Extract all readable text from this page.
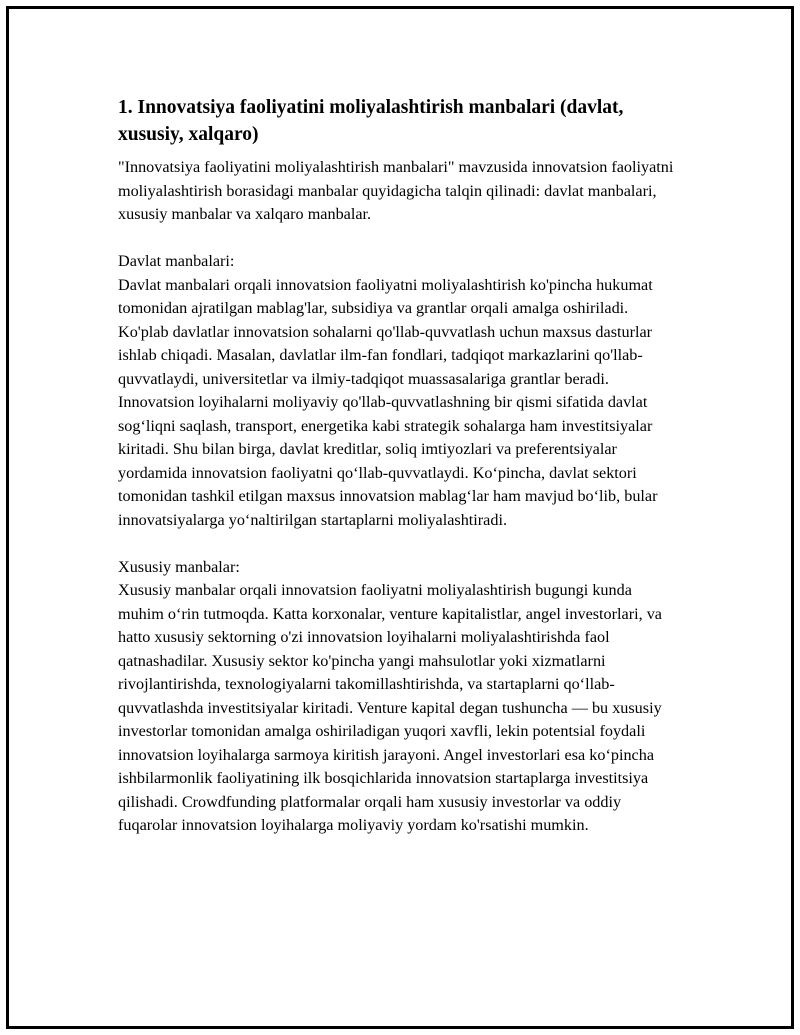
1. Innovatsiya faoliyatini moliyalashtirish manbalari (davlat, xususiy, xalqaro)

"Innovatsiya faoliyatini moliyalashtirish manbalari" mavzusida innovatsion faoliyatni moliyalashtirish borasidagi manbalar quyidagicha talqin qilinadi: davlat manbalari, xususiy manbalar va xalqaro manbalar.

Davlat manbalari:

Davlat manbalari orqali innovatsion faoliyatni moliyalashtirish ko'pincha hukumat tomonidan ajratilgan mablag'lar, subsidiya va grantlar orqali amalga oshiriladi. Ko'plab davlatlar innovatsion sohalarni qo'llab-quvvatlash uchun maxsus dasturlar ishlab chiqadi. Masalan, davlatlar ilm-fan fondlari, tadqiqot markazlarini qo'llab-quvvatlaydi, universitetlar va ilmiy-tadqiqot muassasalariga grantlar beradi. Innovatsion loyihalarni moliyaviy qo'llab-quvvatlashning bir qismi sifatida davlat sog‘liqni saqlash, transport, energetika kabi strategik sohalarga ham investitsiyalar kiritadi. Shu bilan birga, davlat kreditlar, soliq imtiyozlari va preferentsiyalar yordamida innovatsion faoliyatni qo‘llab-quvvatlaydi. Ko‘pincha, davlat sektori tomonidan tashkil etilgan maxsus innovatsion mablag‘lar ham mavjud bo‘lib, bular innovatsiyalarga yo‘naltirilgan startaplarni moliyalashtiradi.

Xususiy manbalar:

Xususiy manbalar orqali innovatsion faoliyatni moliyalashtirish bugungi kunda muhim o‘rin tutmoqda. Katta korxonalar, venture kapitalistlar, angel investorlari, va hatto xususiy sektorning o'zi innovatsion loyihalarni moliyalashtirishda faol qatnashadilar. Xususiy sektor ko'pincha yangi mahsulotlar yoki xizmatlarni rivojlantirishda, texnologiyalarni takomillashtirishda, va startaplarni qo‘llab-quvvatlashda investitsiyalar kiritadi. Venture kapital degan tushuncha — bu xususiy investorlar tomonidan amalga oshiriladigan yuqori xavfli, lekin potentsial foydali innovatsion loyihalarga sarmoya kiritish jarayoni. Angel investorlari esa ko‘pincha ishbilarmonlik faoliyatining ilk bosqichlarida innovatsion startaplarga investitsiya qilishadi. Crowdfunding platformalar orqali ham xususiy investorlar va oddiy fuqarolar innovatsion loyihalarga moliyaviy yordam ko'rsatishi mumkin.
